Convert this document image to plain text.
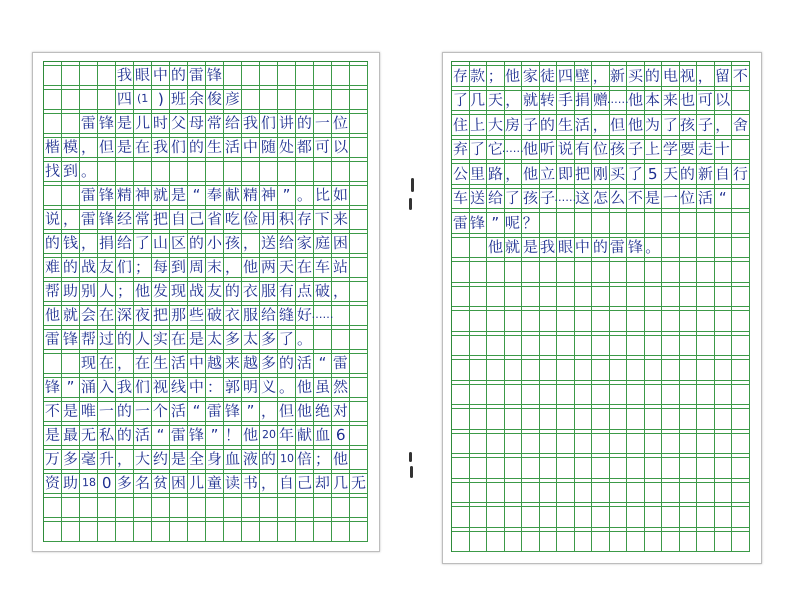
我 眼 中 的 雷 锋
四 (1 ) 班 余 俊 彦
雷 锋 是 儿 时 父 母 常 给 我 们 讲 的 一 位
楷 模 ， 但 是 在 我 们 的 生 活 中 随 处 都 可 以
找 到 。
雷 锋 精 神 就 是 “ 奉 献 精 神 ” 。 比 如
说 ， 雷 锋 经 常 把 自 己 省 吃 俭 用 积 存 下 来
的 钱 ， 捐 给 了 山 区 的 小 孩 ， 送 给 家 庭 困
难 的 战 友 们 ； 每 到 周 末 ， 他 两 天 在 车 站
帮 助 别 人 ； 他 发 现 战 友 的 衣 服 有 点 破 ，
他 就 会 在 深 夜 把 那 些 破 衣 服 给 缝 好 ……
雷 锋 帮 过 的 人 实 在 是 太 多 太 多 了 。
现 在 ， 在 生 活 中 越 来 越 多 的 活 “ 雷
锋 ” 涌 入 我 们 视 线 中 ： 郭 明 义 。 他 虽 然
不 是 唯 一 的 一 个 活 “ 雷 锋 ” ， 但 他 绝 对
是 最 无 私 的 活 “ 雷 锋 ” ！ 他 20 年 献 血 6
万 多 毫 升 ， 大 约 是 全 身 血 液 的 10 倍 ； 他
资 助 18 0 多 名 贫 困 儿 童 读 书 ， 自 己 却 几 无
存 款 ； 他 家 徒 四 壁 ， 新 买 的 电 视 ， 留 不
了 几 天 ， 就 转 手 捐 赠
……
他 本 来 也 可 以
住 上 大 房 子 的 生 活 ， 但 他 为 了 孩 子 ， 舍
弃 了 它
……
他 听 说 有 位 孩 子 上 学 要 走 十
公 里 路 ， 他 立 即 把 刚 买 了 5 天 的 新 自 行
车 送 给 了 孩 子
……
这 怎 么 不 是 一 位 活 “
雷 锋 ” 呢 ？
他 就 是 我 眼 中 的 雷 锋 。
